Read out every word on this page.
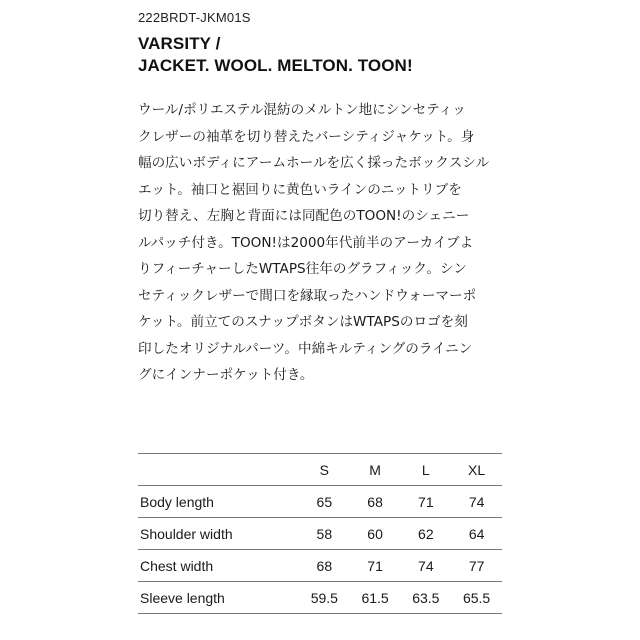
222BRDT-JKM01S
VARSITY /
JACKET. WOOL. MELTON. TOON!
ウール/ポリエステル混紡のメルトン地にシンセティッ
クレザーの袖革を切り替えたバーシティジャケット。身
幅の広いボディにアームホールを広く採ったボックスシル
エット。袖口と裾回りに黄色いラインのニットリブを
切り替え、左胸と背面には同配色のTOON!のシェニー
ルパッチ付き。TOON!は2000年代前半のアーカイブよ
りフィーチャーしたWTAPS往年のグラフィック。シン
セティックレザーで間口を縁取ったハンドウォーマーポ
ケット。前立てのスナップボタンはWTAPSのロゴを刻
印したオリジナルパーツ。中綿キルティングのライニン
グにインナーポケット付き。
	S	M	L	XL
Body length	65	68	71	74
Shoulder width	58	60	62	64
Chest width	68	71	74	77
Sleeve length	59.5	61.5	63.5	65.5
